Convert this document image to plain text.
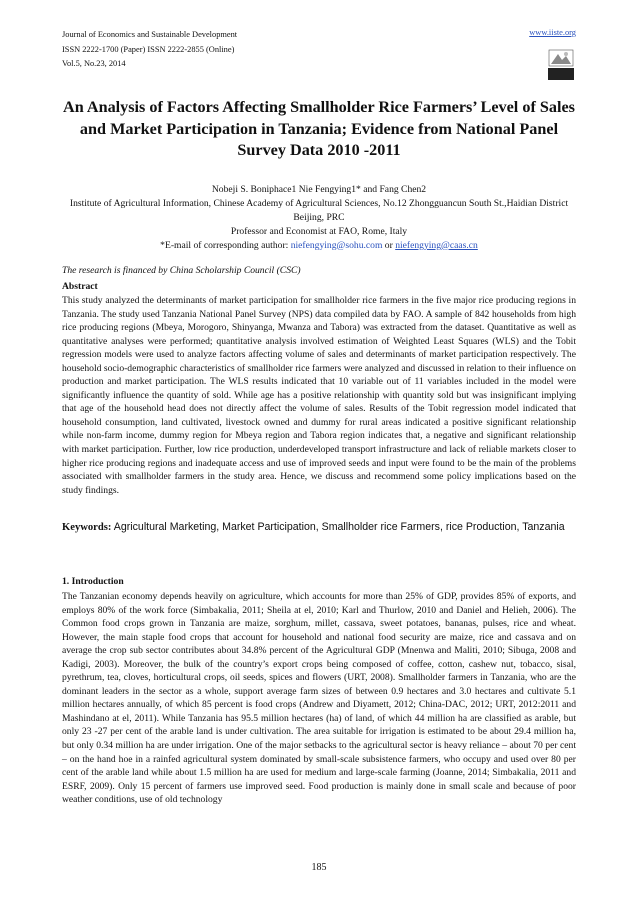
Journal of Economics and Sustainable Development
ISSN 2222-1700 (Paper) ISSN 2222-2855 (Online)
Vol.5, No.23, 2014
www.iiste.org
An Analysis of Factors Affecting Smallholder Rice Farmers’ Level of Sales and Market Participation in Tanzania; Evidence from National Panel Survey Data 2010 -2011
Nobeji S. Boniphace1 Nie Fengying1* and Fang Chen2
Institute of Agricultural Information, Chinese Academy of Agricultural Sciences, No.12 Zhongguancun South St.,Haidian District Beijing, PRC
Professor and Economist at FAO, Rome, Italy
*E-mail of corresponding author: niefengying@sohu.com or niefengying@caas.cn
The research is financed by China Scholarship Council (CSC)
Abstract
This study analyzed the determinants of market participation for smallholder rice farmers in the five major rice producing regions in Tanzania. The study used Tanzania National Panel Survey (NPS) data compiled data by FAO. A sample of 842 households from high rice producing regions (Mbeya, Morogoro, Shinyanga, Mwanza and Tabora) was extracted from the dataset. Quantitative as well as quantitative analyses were performed; quantitative analysis involved estimation of Weighted Least Squares (WLS) and the Tobit regression models were used to analyze factors affecting volume of sales and determinants of market participation respectively. The household socio-demographic characteristics of smallholder rice farmers were analyzed and discussed in relation to their influence on production and market participation. The WLS results indicated that 10 variable out of 11 variables included in the model were significantly influence the quantity of sold. While age has a positive relationship with quantity sold but was insignificant implying that age of the household head does not directly affect the volume of sales. Results of the Tobit regression model indicated that household consumption, land cultivated, livestock owned and dummy for rural areas indicated a positive significant relationship while non-farm income, dummy region for Mbeya region and Tabora region indicates that, a negative and significant relationship with market participation. Further, low rice production, underdeveloped transport infrastructure and lack of reliable markets closer to higher rice producing regions and inadequate access and use of improved seeds and input were found to be the main of the problems associated with smallholder farmers in the study area. Hence, we discuss and recommend some policy implications based on the study findings.
Keywords: Agricultural Marketing, Market Participation, Smallholder rice Farmers, rice Production, Tanzania
1. Introduction
The Tanzanian economy depends heavily on agriculture, which accounts for more than 25% of GDP, provides 85% of exports, and employs 80% of the work force (Simbakalia, 2011; Sheila at el, 2010; Karl and Thurlow, 2010 and Daniel and Helieh, 2006). The Common food crops grown in Tanzania are maize, sorghum, millet, cassava, sweet potatoes, bananas, pulses, rice and wheat. However, the main staple food crops that account for household and national food security are maize, rice and cassava and on average the crop sub sector contributes about 34.8% percent of the Agricultural GDP (Mnenwa and Maliti, 2010; Sibuga, 2008 and Kadigi, 2003). Moreover, the bulk of the country’s export crops being composed of coffee, cotton, cashew nut, tobacco, sisal, pyrethrum, tea, cloves, horticultural crops, oil seeds, spices and flowers (URT, 2008). Smallholder farmers in Tanzania, who are the dominant leaders in the sector as a whole, support average farm sizes of between 0.9 hectares and 3.0 hectares and cultivate 5.1 million hectares annually, of which 85 percent is food crops (Andrew and Diyamett, 2012; China-DAC, 2012; URT, 2012:2011 and Mashindano at el, 2011). While Tanzania has 95.5 million hectares (ha) of land, of which 44 million ha are classified as arable, but only 23 -27 per cent of the arable land is under cultivation. The area suitable for irrigation is estimated to be about 29.4 million ha, but only 0.34 million ha are under irrigation. One of the major setbacks to the agricultural sector is heavy reliance – about 70 per cent – on the hand hoe in a rainfed agricultural system dominated by small-scale subsistence farmers, who occupy and used over 80 per cent of the arable land while about 1.5 million ha are used for medium and large-scale farming (Joanne, 2014; Simbakalia, 2011 and ESRF, 2009). Only 15 percent of farmers use improved seed. Food production is mainly done in small scale and because of poor weather conditions, use of old technology
185
